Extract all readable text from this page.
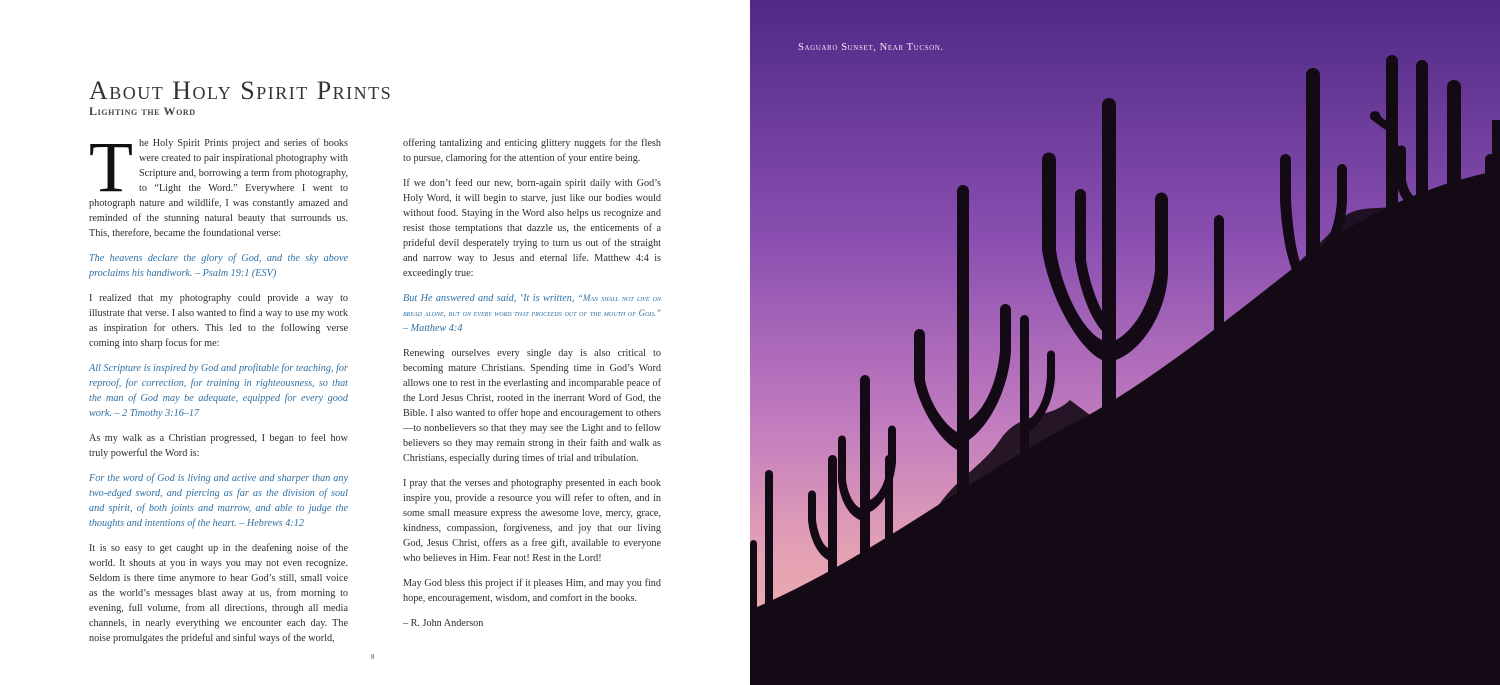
About Holy Spirit Prints
Lighting the Word

The Holy Spirit Prints project and series of books were created to pair inspirational photography with Scripture and, borrowing a term from photography, to “Light the Word.” Everywhere I went to photograph nature and wildlife, I was constantly amazed and reminded of the stunning natural beauty that surrounds us. This, therefore, became the foundational verse:

The heavens declare the glory of God, and the sky above proclaims his handiwork. – Psalm 19:1 (ESV)

I realized that my photography could provide a way to illustrate that verse. I also wanted to find a way to use my work as inspiration for others. This led to the following verse coming into sharp focus for me:

All Scripture is inspired by God and profitable for teaching, for reproof, for correction, for training in righteousness, so that the man of God may be adequate, equipped for every good work. – 2 Timothy 3:16–17

As my walk as a Christian progressed, I began to feel how truly powerful the Word is:

For the word of God is living and active and sharper than any two-edged sword, and piercing as far as the division of soul and spirit, of both joints and marrow, and able to judge the thoughts and intentions of the heart. – Hebrews 4:12

It is so easy to get caught up in the deafening noise of the world. It shouts at you in ways you may not even recognize. Seldom is there time anymore to hear God’s still, small voice as the world’s messages blast away at us, from morning to evening, full volume, from all directions, through all media channels, in nearly everything we encounter each day. The noise promulgates the prideful and sinful ways of the world,

offering tantalizing and enticing glittery nuggets for the flesh to pursue, clamoring for the attention of your entire being.

If we don’t feed our new, born-again spirit daily with God’s Holy Word, it will begin to starve, just like our bodies would without food. Staying in the Word also helps us recognize and resist those temptations that dazzle us, the enticements of a prideful devil desperately trying to turn us out of the straight and narrow way to Jesus and eternal life. Matthew 4:4 is exceedingly true:

But He answered and said, ‘It is written, “Man shall not live on bread alone, but on every word that proceeds out of the mouth of God.” – Matthew 4:4

Renewing ourselves every single day is also critical to becoming mature Christians. Spending time in God’s Word allows one to rest in the everlasting and incomparable peace of the Lord Jesus Christ, rooted in the inerrant Word of God, the Bible. I also wanted to offer hope and encouragement to others—to nonbelievers so that they may see the Light and to fellow believers so they may remain strong in their faith and walk as Christians, especially during times of trial and tribulation.

I pray that the verses and photography presented in each book inspire you, provide a resource you will refer to often, and in some small measure express the awesome love, mercy, grace, kindness, compassion, forgiveness, and joy that our living God, Jesus Christ, offers as a free gift, available to everyone who believes in Him. Fear not! Rest in the Lord!

May God bless this project if it pleases Him, and may you find hope, encouragement, wisdom, and comfort in the books.

– R. John Anderson

8
Saguaro Sunset, Near Tucson.
